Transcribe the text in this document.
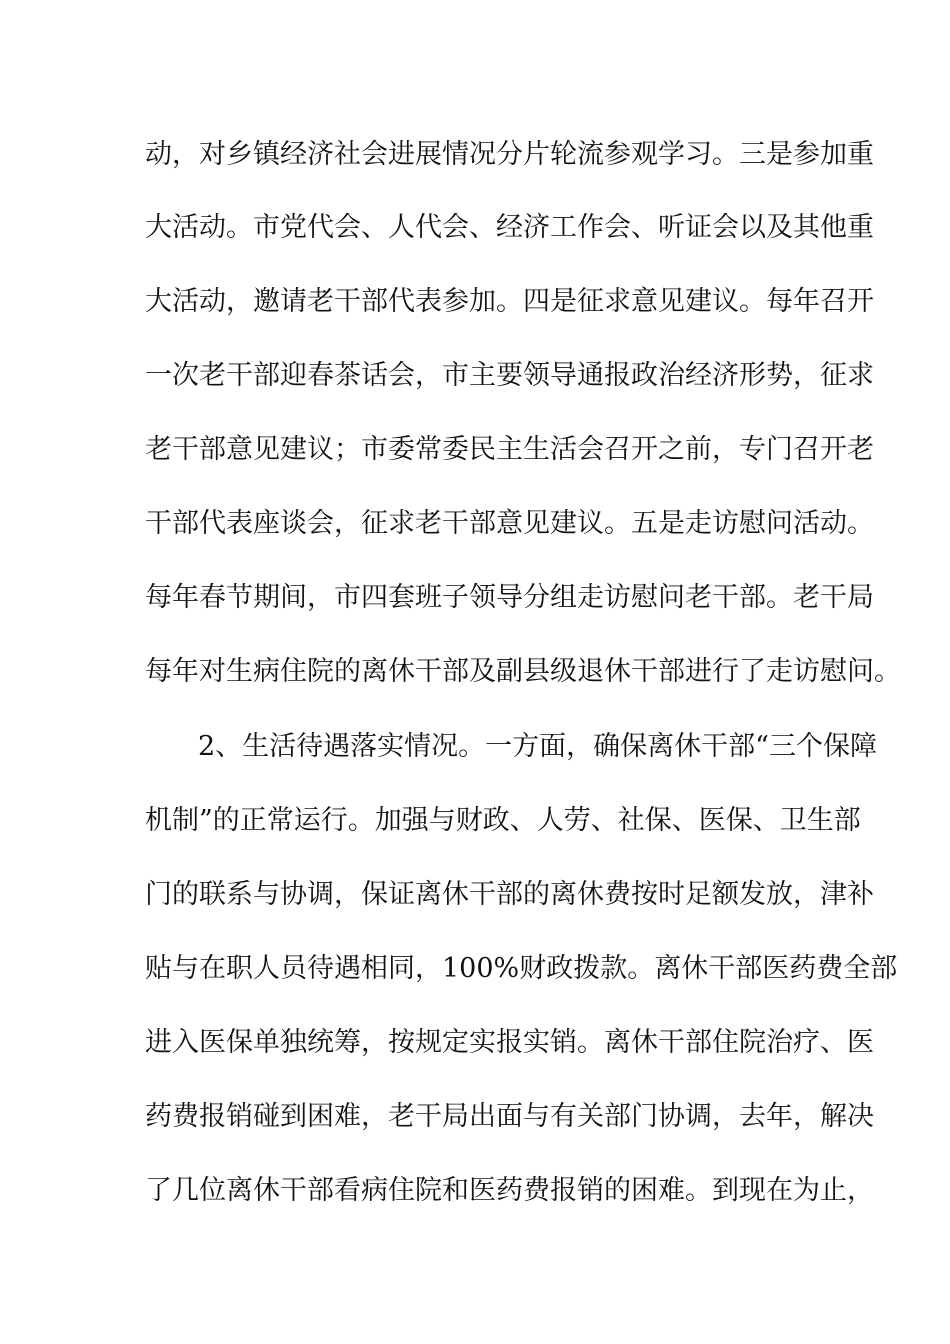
动，对乡镇经济社会进展情况分片轮流参观学习。三是参加重
大活动。市党代会、人代会、经济工作会、听证会以及其他重
大活动，邀请老干部代表参加。四是征求意见建议。每年召开
一次老干部迎春茶话会，市主要领导通报政治经济形势，征求
老干部意见建议；市委常委民主生活会召开之前，专门召开老
干部代表座谈会，征求老干部意见建议。五是走访慰问活动。
每年春节期间，市四套班子领导分组走访慰问老干部。老干局
每年对生病住院的离休干部及副县级退休干部进行了走访慰问。
2、生活待遇落实情况。一方面，确保离休干部“三个保障
机制”的正常运行。加强与财政、人劳、社保、医保、卫生部
门的联系与协调，保证离休干部的离休费按时足额发放，津补
贴与在职人员待遇相同，100%财政拨款。离休干部医药费全部
进入医保单独统筹，按规定实报实销。离休干部住院治疗、医
药费报销碰到困难，老干局出面与有关部门协调，去年，解决
了几位离休干部看病住院和医药费报销的困难。到现在为止，
